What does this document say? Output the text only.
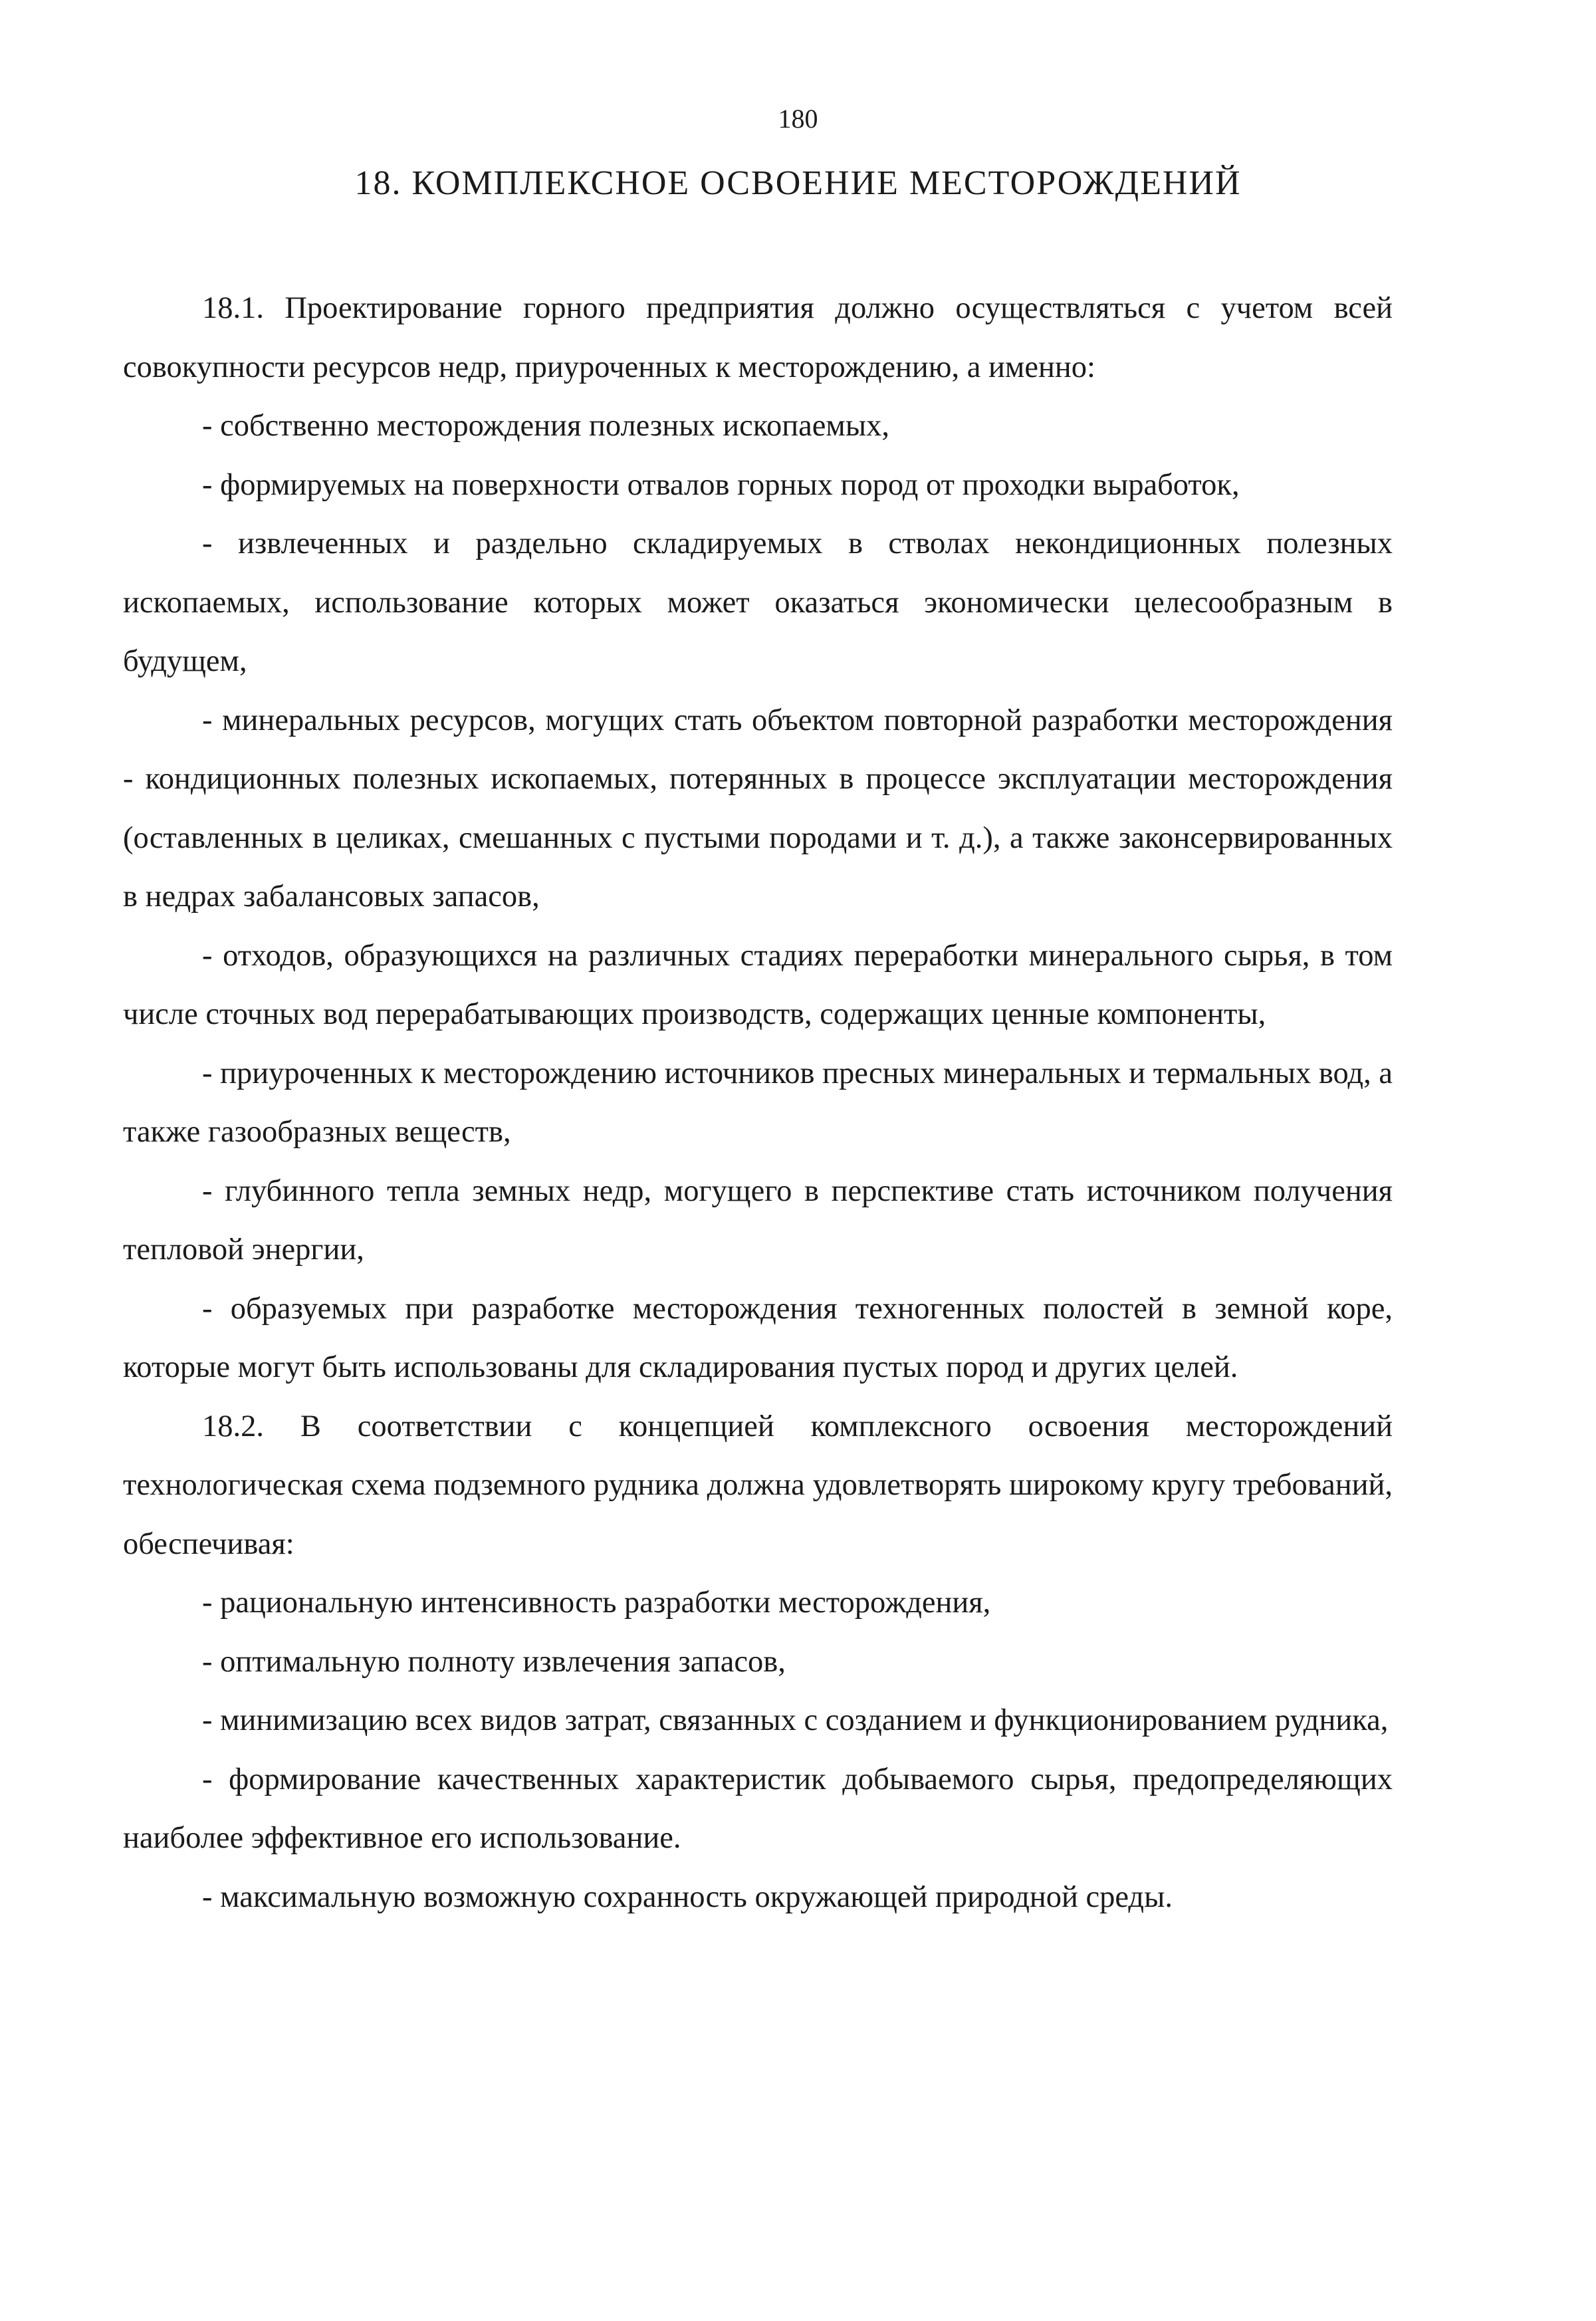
180
18. КОМПЛЕКСНОЕ ОСВОЕНИЕ МЕСТОРОЖДЕНИЙ

18.1. Проектирование горного предприятия должно осуществляться с учетом всей совокупности ресурсов недр, приуроченных к месторождению, а именно:

- собственно месторождения полезных ископаемых,

- формируемых на поверхности отвалов горных пород от проходки выработок,

- извлеченных и раздельно складируемых в стволах некондиционных полезных ископаемых, использование которых может оказаться экономически целесообразным в будущем,

- минеральных ресурсов, могущих стать объектом повторной разработки месторождения - кондиционных полезных ископаемых, потерянных в процессе эксплуатации месторождения (оставленных в целиках, смешанных с пустыми породами и т. д.), а также законсервированных в недрах забалансовых запасов,

- отходов, образующихся на различных стадиях переработки минерального сырья, в том числе сточных вод перерабатывающих производств, содержащих ценные компоненты,

- приуроченных к месторождению источников пресных минеральных и термальных вод, а также газообразных веществ,

- глубинного тепла земных недр, могущего в перспективе стать источником получения тепловой энергии,

- образуемых при разработке месторождения техногенных полостей в земной коре, которые могут быть использованы для складирования пустых пород и других целей.

18.2. В соответствии с концепцией комплексного освоения месторождений технологическая схема подземного рудника должна удовлетворять широкому кругу требований, обеспечивая:

- рациональную интенсивность разработки месторождения,

- оптимальную полноту извлечения запасов,

- минимизацию всех видов затрат, связанных с созданием и функционированием рудника,

- формирование качественных характеристик добываемого сырья, предопределяющих наиболее эффективное его использование.

- максимальную возможную сохранность окружающей природной среды.
